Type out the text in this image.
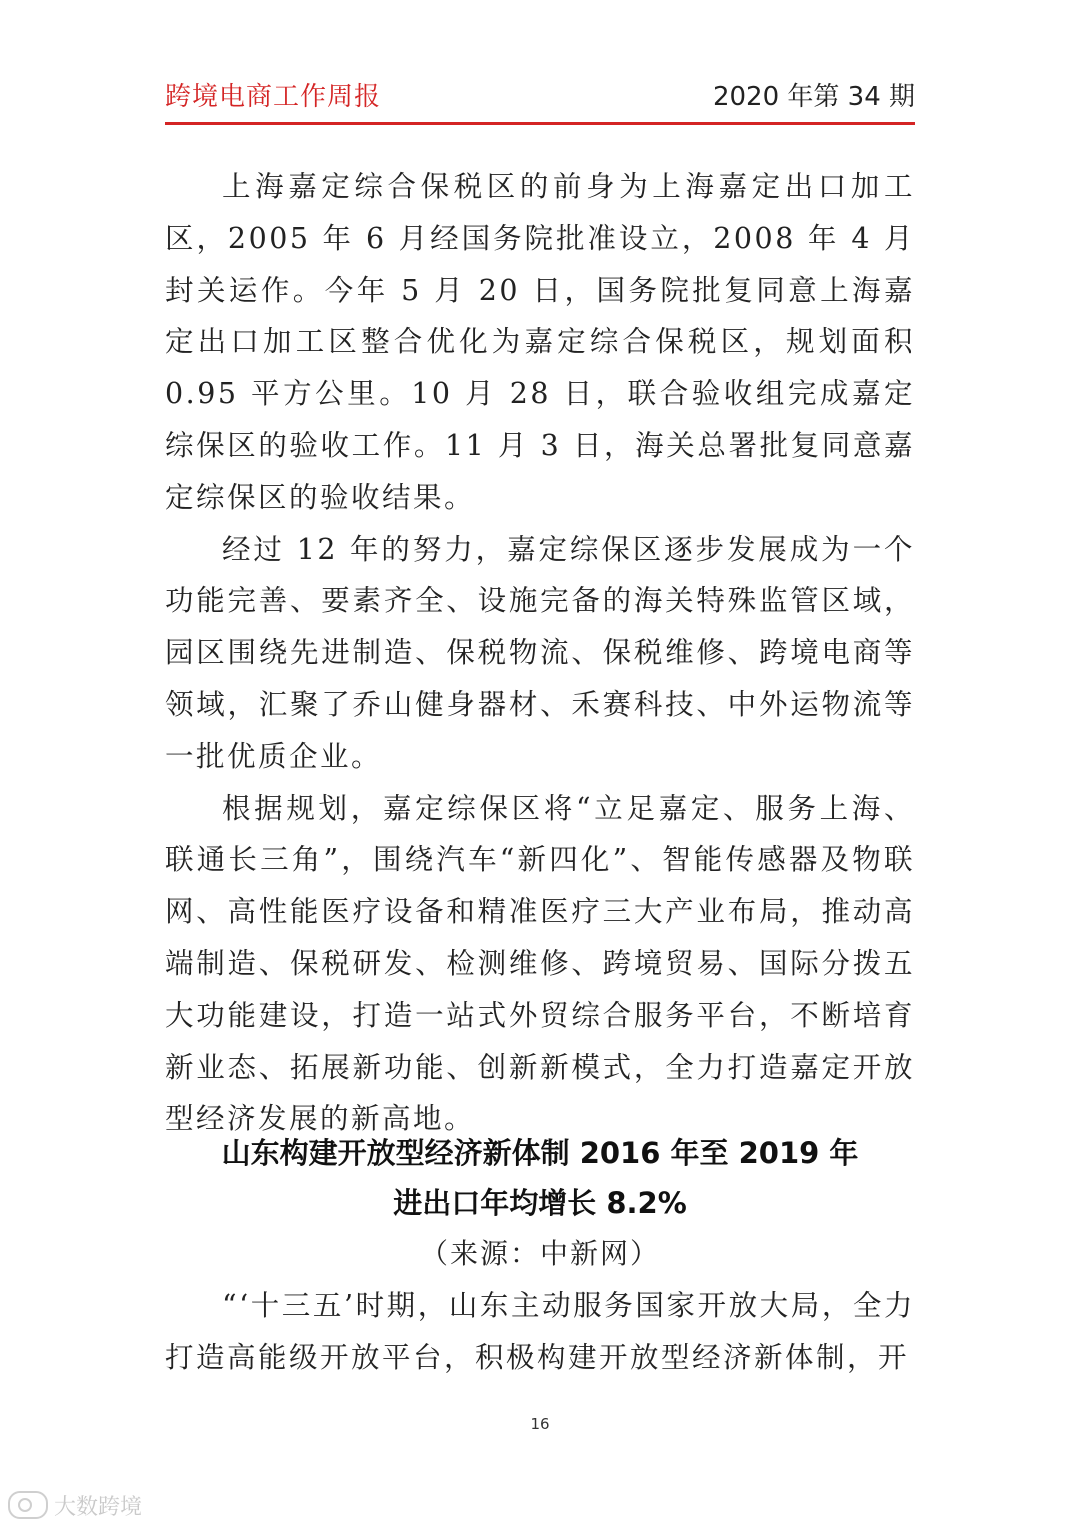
跨境电商工作周报	2020 年第 34 期

上海嘉定综合保税区的前身为上海嘉定出口加工区，2005 年 6 月经国务院批准设立，2008 年 4 月封关运作。今年 5 月 20 日，国务院批复同意上海嘉定出口加工区整合优化为嘉定综合保税区，规划面积 0.95 平方公里。10 月 28 日，联合验收组完成嘉定综保区的验收工作。11 月 3 日，海关总署批复同意嘉定综保区的验收结果。

经过 12 年的努力，嘉定综保区逐步发展成为一个功能完善、要素齐全、设施完备的海关特殊监管区域，园区围绕先进制造、保税物流、保税维修、跨境电商等领域，汇聚了乔山健身器材、禾赛科技、中外运物流等一批优质企业。

根据规划，嘉定综保区将“立足嘉定、服务上海、联通长三角”，围绕汽车“新四化”、智能传感器及物联网、高性能医疗设备和精准医疗三大产业布局，推动高端制造、保税研发、检测维修、跨境贸易、国际分拨五大功能建设，打造一站式外贸综合服务平台，不断培育新业态、拓展新功能、创新新模式，全力打造嘉定开放型经济发展的新高地。

山东构建开放型经济新体制 2016 年至 2019 年
进出口年均增长 8.2%
（来源：中新网）

“‘十三五’时期，山东主动服务国家开放大局，全力打造高能级开放平台，积极构建开放型经济新体制，开

16
大数跨境
